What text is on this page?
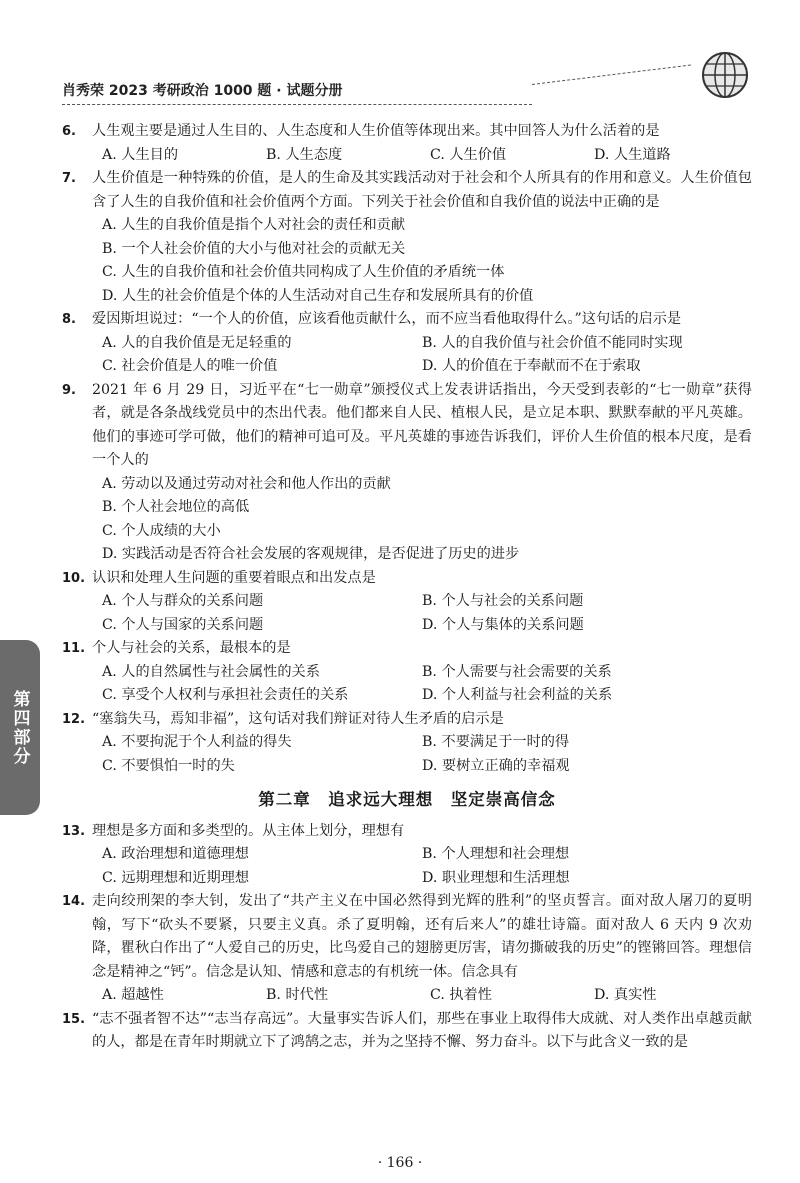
肖秀荣 2023 考研政治 1000 题 · 试题分册
第四部分
6.	人生观主要是通过人生目的、人生态度和人生价值等体现出来。其中回答人为什么活着的是
A. 人生目的	B. 人生态度	C. 人生价值	D. 人生道路
7.	人生价值是一种特殊的价值，是人的生命及其实践活动对于社会和个人所具有的作用和意义。人生价值包含了人生的自我价值和社会价值两个方面。下列关于社会价值和自我价值的说法中正确的是
A. 人生的自我价值是指个人对社会的责任和贡献
B. 一个人社会价值的大小与他对社会的贡献无关
C. 人生的自我价值和社会价值共同构成了人生价值的矛盾统一体
D. 人生的社会价值是个体的人生活动对自己生存和发展所具有的价值
8.	爱因斯坦说过：“一个人的价值，应该看他贡献什么，而不应当看他取得什么。”这句话的启示是
A. 人的自我价值是无足轻重的	B. 人的自我价值与社会价值不能同时实现
C. 社会价值是人的唯一价值	D. 人的价值在于奉献而不在于索取
9.	2021 年 6 月 29 日，习近平在“七一勋章”颁授仪式上发表讲话指出，今天受到表彰的“七一勋章”获得者，就是各条战线党员中的杰出代表。他们都来自人民、植根人民，是立足本职、默默奉献的平凡英雄。他们的事迹可学可做，他们的精神可追可及。平凡英雄的事迹告诉我们，评价人生价值的根本尺度，是看一个人的
A. 劳动以及通过劳动对社会和他人作出的贡献
B. 个人社会地位的高低
C. 个人成绩的大小
D. 实践活动是否符合社会发展的客观规律，是否促进了历史的进步
10. 认识和处理人生问题的重要着眼点和出发点是
A. 个人与群众的关系问题	B. 个人与社会的关系问题
C. 个人与国家的关系问题	D. 个人与集体的关系问题
11. 个人与社会的关系，最根本的是
A. 人的自然属性与社会属性的关系	B. 个人需要与社会需要的关系
C. 享受个人权利与承担社会责任的关系	D. 个人利益与社会利益的关系
12. “塞翁失马，焉知非福”，这句话对我们辩证对待人生矛盾的启示是
A. 不要拘泥于个人利益的得失	B. 不要满足于一时的得
C. 不要惧怕一时的失	D. 要树立正确的幸福观
第二章　追求远大理想　坚定崇高信念
13. 理想是多方面和多类型的。从主体上划分，理想有
A. 政治理想和道德理想	B. 个人理想和社会理想
C. 远期理想和近期理想	D. 职业理想和生活理想
14. 走向绞刑架的李大钊，发出了“共产主义在中国必然得到光辉的胜利”的坚贞誓言。面对敌人屠刀的夏明翰，写下“砍头不要紧，只要主义真。杀了夏明翰，还有后来人”的雄壮诗篇。面对敌人 6 天内 9 次劝降，瞿秋白作出了“人爱自己的历史，比鸟爱自己的翅膀更厉害，请勿撕破我的历史”的铿锵回答。理想信念是精神之“钙”。信念是认知、情感和意志的有机统一体。信念具有
A. 超越性	B. 时代性	C. 执着性	D. 真实性
15. “志不强者智不达”“志当存高远”。大量事实告诉人们，那些在事业上取得伟大成就、对人类作出卓越贡献的人，都是在青年时期就立下了鸿鹄之志，并为之坚持不懈、努力奋斗。以下与此含义一致的是
· 166 ·
